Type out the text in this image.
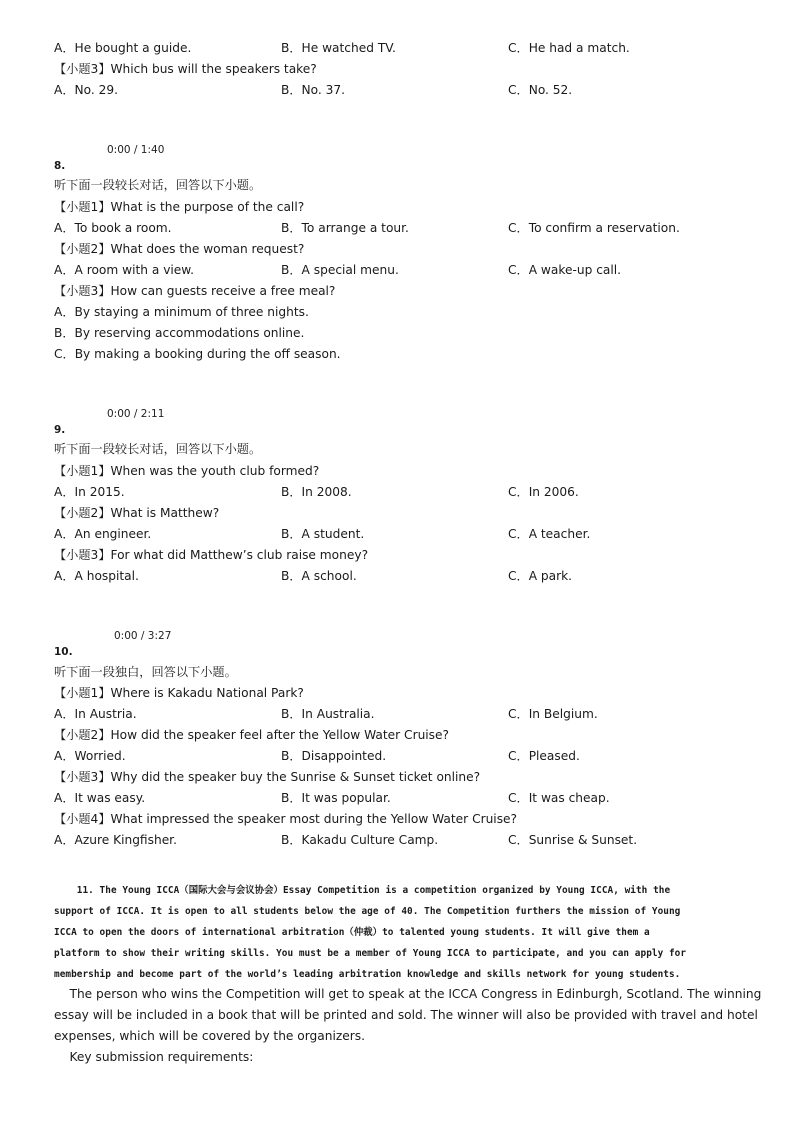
A．He bought a guide.	B．He watched TV.	C．He had a match.
【小题3】Which bus will the speakers take?
A．No. 29.	B．No. 37.	C．No. 52.
0:00 / 1:40
8.
听下面一段较长对话，回答以下小题。
【小题1】What is the purpose of the call?
A．To book a room.	B．To arrange a tour.	C．To confirm a reservation.
【小题2】What does the woman request?
A．A room with a view.	B．A special menu.	C．A wake-up call.
【小题3】How can guests receive a free meal?
A．By staying a minimum of three nights.
B．By reserving accommodations online.
C．By making a booking during the off season.
0:00 / 2:11
9.
听下面一段较长对话，回答以下小题。
【小题1】When was the youth club formed?
A．In 2015.	B．In 2008.	C．In 2006.
【小题2】What is Matthew?
A．An engineer.	B．A student.	C．A teacher.
【小题3】For what did Matthew’s club raise money?
A．A hospital.	B．A school.	C．A park.
0:00 / 3:27
10.
听下面一段独白，回答以下小题。
【小题1】Where is Kakadu National Park?
A．In Austria.	B．In Australia.	C．In Belgium.
【小题2】How did the speaker feel after the Yellow Water Cruise?
A．Worried.	B．Disappointed.	C．Pleased.
【小题3】Why did the speaker buy the Sunrise & Sunset ticket online?
A．It was easy.	B．It was popular.	C．It was cheap.
【小题4】What impressed the speaker most during the Yellow Water Cruise?
A．Azure Kingfisher.	B．Kakadu Culture Camp.	C．Sunrise & Sunset.
11. The Young ICCA（国际大会与会议协会）Essay Competition is a competition organized by Young ICCA, with the
support of ICCA. It is open to all students below the age of 40. The Competition furthers the mission of Young
ICCA to open the doors of international arbitration（仲裁）to talented young students. It will give them a
platform to show their writing skills. You must be a member of Young ICCA to participate, and you can apply for
membership and become part of the world’s leading arbitration knowledge and skills network for young students.
The person who wins the Competition will get to speak at the ICCA Congress in Edinburgh, Scotland. The winning
essay will be included in a book that will be printed and sold. The winner will also be provided with travel and hotel
expenses, which will be covered by the organizers.
Key submission requirements:
